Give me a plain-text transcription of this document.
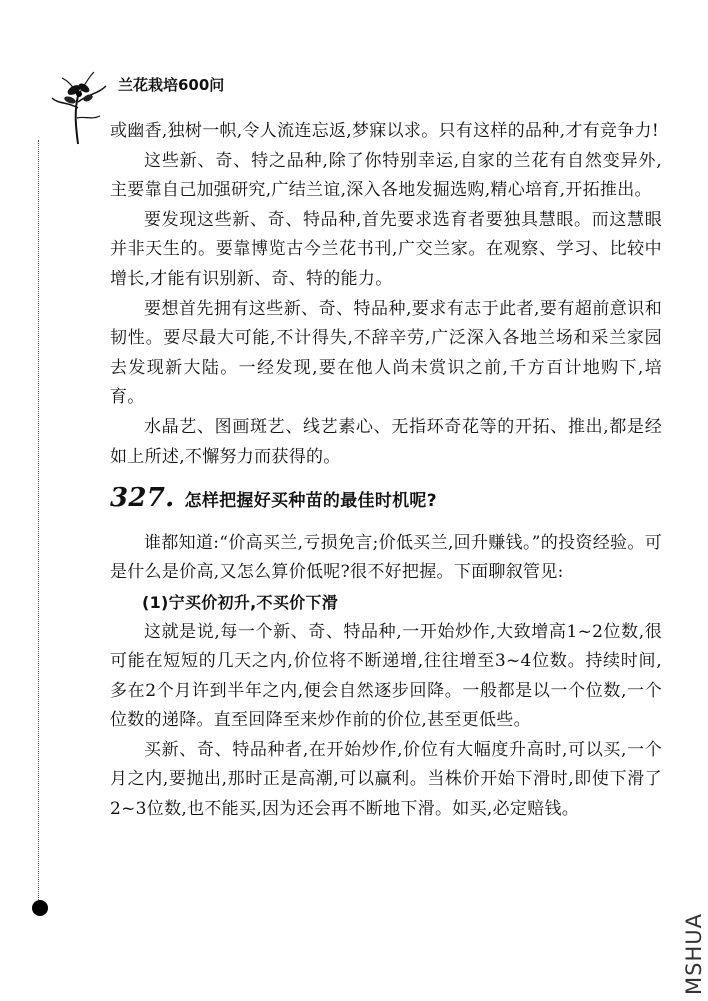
兰花栽培600问

或幽香,独树一帜,令人流连忘返,梦寐以求。只有这样的品种,才有竞争力!

这些新、奇、特之品种,除了你特别幸运,自家的兰花有自然变异外,主要靠自己加强研究,广结兰谊,深入各地发掘选购,精心培育,开拓推出。

要发现这些新、奇、特品种,首先要求选育者要独具慧眼。而这慧眼并非天生的。要靠博览古今兰花书刊,广交兰家。在观察、学习、比较中增长,才能有识别新、奇、特的能力。

要想首先拥有这些新、奇、特品种,要求有志于此者,要有超前意识和韧性。要尽最大可能,不计得失,不辞辛劳,广泛深入各地兰场和采兰家园去发现新大陆。一经发现,要在他人尚未赏识之前,千方百计地购下,培育。

水晶艺、图画斑艺、线艺素心、无指环奇花等的开拓、推出,都是经如上所述,不懈努力而获得的。

327. 怎样把握好买种苗的最佳时机呢?

谁都知道:“价高买兰,亏损免言;价低买兰,回升赚钱。”的投资经验。可是什么是价高,又怎么算价低呢?很不好把握。下面聊叙管见:

(1)宁买价初升,不买价下滑

这就是说,每一个新、奇、特品种,一开始炒作,大致增高1~2位数,很可能在短短的几天之内,价位将不断递增,往往增至3~4位数。持续时间,多在2个月许到半年之内,便会自然逐步回降。一般都是以一个位数,一个位数的递降。直至回降至来炒作前的价位,甚至更低些。

买新、奇、特品种者,在开始炒作,价位有大幅度升高时,可以买,一个月之内,要抛出,那时正是高潮,可以赢利。当株价开始下滑时,即使下滑了2~3位数,也不能买,因为还会再不断地下滑。如买,必定赔钱。

MSHUA
